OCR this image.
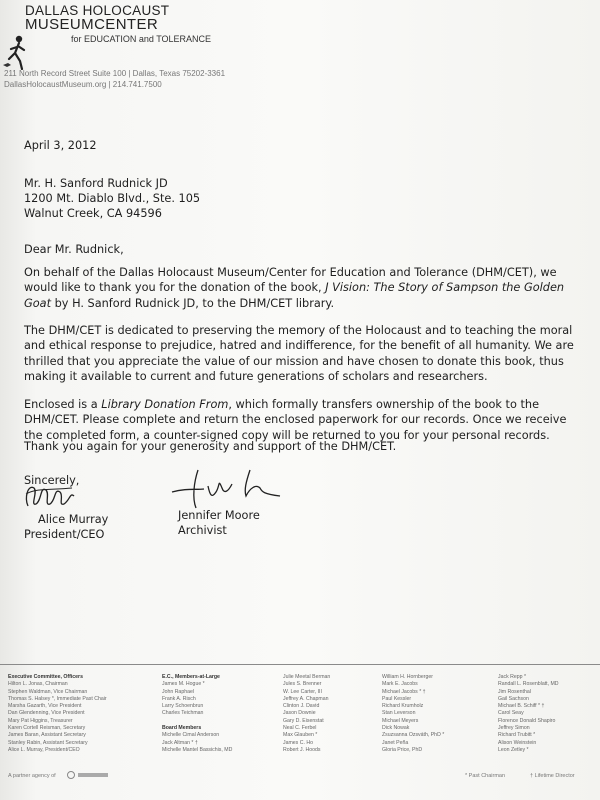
DALLAS HOLOCAUST
MUSEUMCENTER
for EDUCATION and TOLERANCE
211 North Record Street Suite 100 | Dallas, Texas 75202-3361
DallasHolocaustMuseum.org | 214.741.7500
April 3, 2012
Mr. H. Sanford Rudnick JD
1200 Mt. Diablo Blvd., Ste. 105
Walnut Creek, CA 94596
Dear Mr. Rudnick,

On behalf of the Dallas Holocaust Museum/Center for Education and Tolerance (DHM/CET), we would like to thank you for the donation of the book, J Vision: The Story of Sampson the Golden Goat by H. Sanford Rudnick JD, to the DHM/CET library.

The DHM/CET is dedicated to preserving the memory of the Holocaust and to teaching the moral and ethical response to prejudice, hatred and indifference, for the benefit of all humanity. We are thrilled that you appreciate the value of our mission and have chosen to donate this book, thus making it available to current and future generations of scholars and researchers.

Enclosed is a Library Donation From, which formally transfers ownership of the book to the DHM/CET. Please complete and return the enclosed paperwork for our records. Once we receive the completed form, a counter-signed copy will be returned to you for your personal records.

Thank you again for your generosity and support of the DHM/CET.
Sincerely,
Alice Murray
President/CEO
Jennifer Moore
Archivist
Executive Committee, Officers
Hilton L. Jonas, Chairman
Stephen Waldman, Vice Chairman
Thomas S. Halsey *, Immediate Past Chair
Marsha Gazarth, Vice President
Dan Glendenning, Vice President
Mary Pat Higgins, Treasurer
Karen Cortell Reisman, Secretary
James Baran, Assistant Secretary
Stanley Rabin, Assistant Secretary
Alice L. Murray, President/CEO
E.C., Members-at-Large
James M. Hogue *
John Raphael
Frank A. Risch
Larry Schoenbrun
Charles Teichman

Board Members
Michelle Cimal Anderson
Jack Altman * †
Michelle Mantel Bassichis, MD
Julie Meetal Berman
Jules S. Brenner
W. Lee Carter, III
Jeffrey A. Chapman
Clinton J. David
Jason Downie
Gary D. Eisenstat
Neal C. Ferbel
Max Glauben *
James C. Ho
Robert J. Hoods
William H. Hornberger
Mark E. Jacobs
Michael Jacobs * †
Paul Kessler
Richard Krumholz
Stan Leverson
Michael Meyers
Dick Nowak
Zsuzsanna Ozsváth, PhD *
Janet Peña
Gloria Price, PhD
Jack Repp *
Randall L. Rosenblatt, MD
Jim Rosenthal
Gail Sachson
Michael B. Schiff * †
Carol Seay
Florence Donald Shapiro
Jeffrey Simon
Richard Trubitt *
Alison Weinstein
Leon Zetley *
A partner agency of	* Past Chairman	† Lifetime Director
